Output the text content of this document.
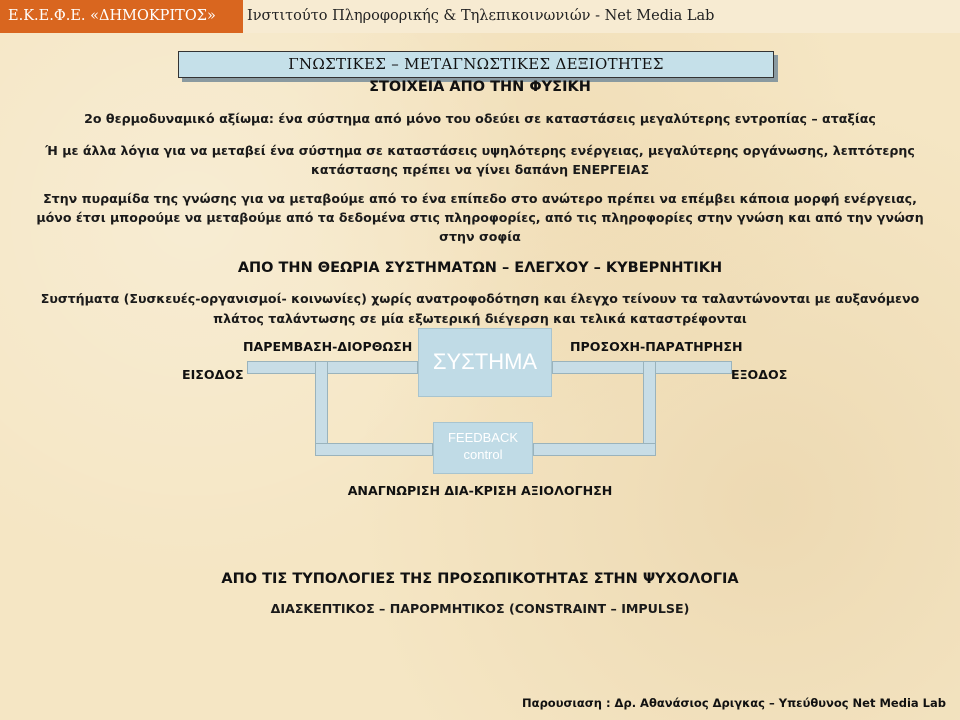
Ε.Κ.Ε.Φ.Ε. «ΔΗΜΟΚΡΙΤΟΣ»	Ινστιτούτο Πληροφορικής & Τηλεπικοινωνιών - Net Media Lab
ΓΝΩΣΤΙΚΕΣ – ΜΕΤΑΓΝΩΣΤΙΚΕΣ ΔΕΞΙΟΤΗΤΕΣ
ΣΤΟΙΧΕΙΑ ΑΠΟ ΤΗΝ ΦΥΣΙΚΗ
2ο θερμοδυναμικό αξίωμα: ένα σύστημα από μόνο του οδεύει σε καταστάσεις μεγαλύτερης εντροπίας – αταξίας
Ή με άλλα λόγια για να μεταβεί ένα σύστημα σε καταστάσεις υψηλότερης ενέργειας, μεγαλύτερης οργάνωσης, λεπτότερης
κατάστασης πρέπει να γίνει δαπάνη ΕΝΕΡΓΕΙΑΣ
Στην πυραμίδα της γνώσης για να μεταβούμε από το ένα επίπεδο στο ανώτερο πρέπει να επέμβει κάποια μορφή ενέργειας,
μόνο έτσι μπορούμε να μεταβούμε από τα δεδομένα στις πληροφορίες, από τις πληροφορίες στην γνώση και από την γνώση
στην σοφία
ΑΠΟ ΤΗΝ ΘΕΩΡΙΑ ΣΥΣΤΗΜΑΤΩΝ – ΕΛΕΓΧΟΥ – ΚΥΒΕΡΝΗΤΙΚΗ
Συστήματα (Συσκευές-οργανισμοί- κοινωνίες) χωρίς ανατροφοδότηση και έλεγχο τείνουν τα ταλαντώνονται με αυξανόμενο
πλάτος ταλάντωσης σε μία εξωτερική διέγερση και τελικά καταστρέφονται
ΣΥΣΤΗΜΑ
FEEDBACK
control
ΠΑΡΕΜΒΑΣΗ-ΔΙΟΡΘΩΣΗ	ΠΡΟΣΟΧΗ-ΠΑΡΑΤΗΡΗΣΗ
ΕΙΣΟΔΟΣ	ΕΞΟΔΟΣ
ΑΝΑΓΝΩΡΙΣΗ ΔΙΑ-ΚΡΙΣΗ ΑΞΙΟΛΟΓΗΣΗ
ΑΠΟ ΤΙΣ ΤΥΠΟΛΟΓΙΕΣ ΤΗΣ ΠΡΟΣΩΠΙΚΟΤΗΤΑΣ ΣΤΗΝ ΨΥΧΟΛΟΓΙΑ
ΔΙΑΣΚΕΠΤΙΚΟΣ – ΠΑΡΟΡΜΗΤΙΚΟΣ (CONSTRAINT – IMPULSE)
Παρουσιαση : Δρ. Αθανάσιος Δριγκας – Υπεύθυνος Net Media Lab
